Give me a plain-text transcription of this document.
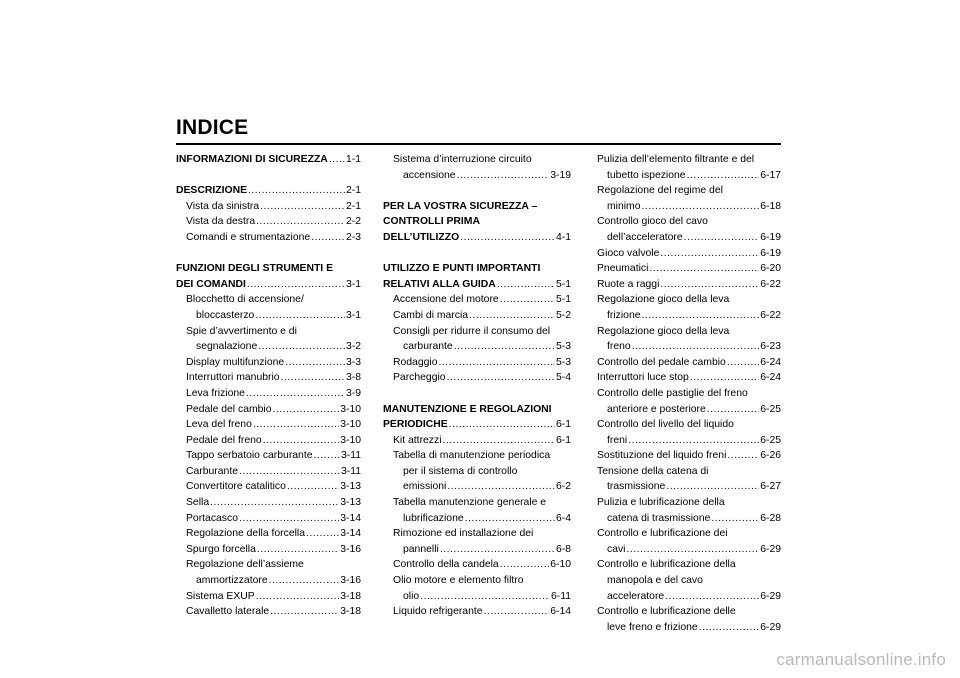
INDICE
INFORMAZIONI DI SICUREZZA ..... 1-1
DESCRIZIONE .....	2-1
Vista da sinistra .....	2-1
Vista da destra .....	2-2
Comandi e strumentazione .....	2-3
FUNZIONI DEGLI STRUMENTI E
DEI COMANDI .....	3-1
Blocchetto di accensione/
bloccasterzo .....	3-1
Spie d’avvertimento e di
segnalazione .....	3-2
Display multifunzione .....	3-3
Interruttori manubrio .....	3-8
Leva frizione .....	3-9
Pedale del cambio .....	3-10
Leva del freno .....	3-10
Pedale del freno .....	3-10
Tappo serbatoio carburante .....	3-11
Carburante .....	3-11
Convertitore catalitico .....	3-13
Sella .....	3-13
Portacasco .....	3-14
Regolazione della forcella .....	3-14
Spurgo forcella .....	3-16
Regolazione dell’assieme
ammortizzatore .....	3-16
Sistema EXUP .....	3-18
Cavalletto laterale .....	3-18
Sistema d’interruzione circuito
accensione .....	3-19
PER LA VOSTRA SICUREZZA –
CONTROLLI PRIMA
DELL’UTILIZZO .....	4-1
UTILIZZO E PUNTI IMPORTANTI
RELATIVI ALLA GUIDA .....	5-1
Accensione del motore .....	5-1
Cambi di marcia .....	5-2
Consigli per ridurre il consumo del
carburante .....	5-3
Rodaggio .....	5-3
Parcheggio .....	5-4
MANUTENZIONE E REGOLAZIONI
PERIODICHE .....	6-1
Kit attrezzi .....	6-1
Tabella di manutenzione periodica
per il sistema di controllo
emissioni .....	6-2
Tabella manutenzione generale e
lubrificazione .....	6-4
Rimozione ed installazione dei
pannelli .....	6-8
Controllo della candela .....	6-10
Olio motore e elemento filtro
olio .....	6-11
Liquido refrigerante .....	6-14
Pulizia dell’elemento filtrante e del
tubetto ispezione .....	6-17
Regolazione del regime del
minimo .....	6-18
Controllo gioco del cavo
dell’acceleratore .....	6-19
Gioco valvole .....	6-19
Pneumatici .....	6-20
Ruote a raggi .....	6-22
Regolazione gioco della leva
frizione .....	6-22
Regolazione gioco della leva
freno .....	6-23
Controllo del pedale cambio .....	6-24
Interruttori luce stop .....	6-24
Controllo delle pastiglie del freno
anteriore e posteriore .....	6-25
Controllo del livello del liquido
freni .....	6-25
Sostituzione del liquido freni .....	6-26
Tensione della catena di
trasmissione .....	6-27
Pulizia e lubrificazione della
catena di trasmissione .....	6-28
Controllo e lubrificazione dei
cavi .....	6-29
Controllo e lubrificazione della
manopola e del cavo
acceleratore .....	6-29
Controllo e lubrificazione delle
leve freno e frizione .....	6-29
carmanualsonline.info
